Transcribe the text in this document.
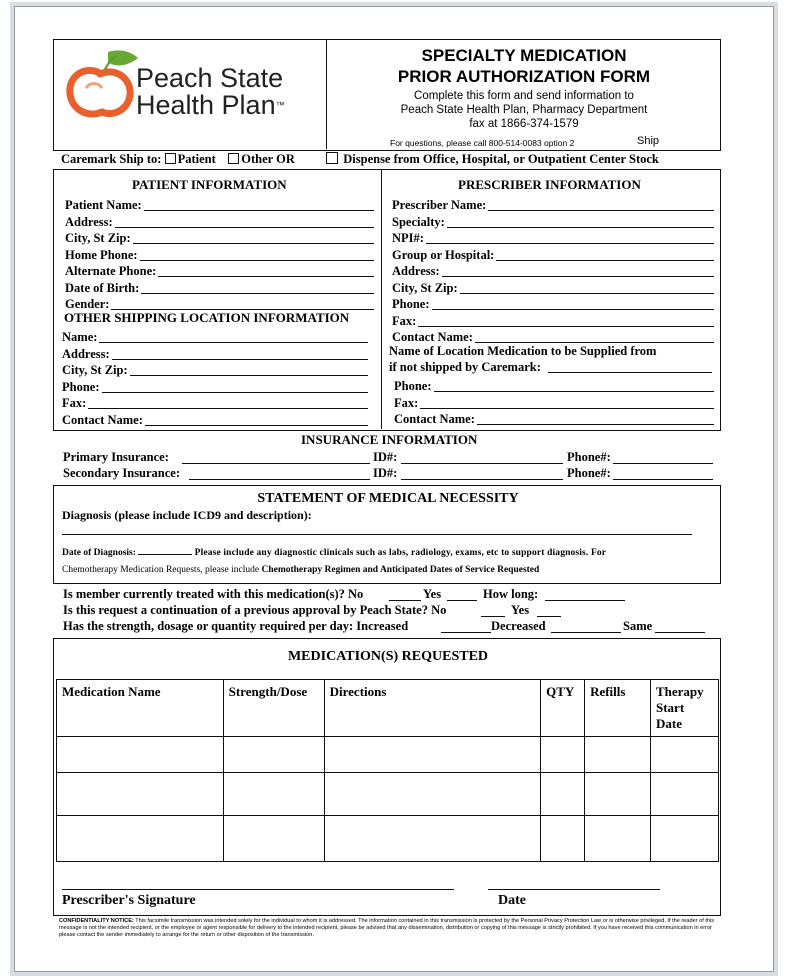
Peach State
Health Plan™
SPECIALTY MEDICATION
PRIOR AUTHORIZATION FORM
Complete this form and send information to
Peach State Health Plan, Pharmacy Department
fax at 1866-374-1579
For questions, please call 800-514-0083 option 2	Ship
Caremark Ship to: Patient Other OR	Dispense from Office, Hospital, or Outpatient Center Stock
PATIENT INFORMATION
Patient Name:
Address:
City, St Zip:
Home Phone:
Alternate Phone:
Date of Birth:
Gender:
OTHER SHIPPING LOCATION INFORMATION
Name:
Address:
City, St Zip:
Phone:
Fax:
Contact Name:
PRESCRIBER INFORMATION
Prescriber Name:
Specialty:
NPI#:
Group or Hospital:
Address:
City, St Zip:
Phone:
Fax:
Contact Name:
Name of Location Medication to be Supplied from
if not shipped by Caremark:
Phone:
Fax:
Contact Name:
INSURANCE INFORMATION
Primary Insurance:	ID#:	Phone#:
Secondary Insurance:	ID#:	Phone#:
STATEMENT OF MEDICAL NECESSITY
Diagnosis (please include ICD9 and description):
Date of Diagnosis:	Please include any diagnostic clinicals such as labs, radiology, exams, etc to support diagnosis. For
Chemotherapy Medication Requests, please include Chemotherapy Regimen and Anticipated Dates of Service Requested
Is member currently treated with this medication(s)? No	Yes	How long:
Is this request a continuation of a previous approval by Peach State? No	Yes
Has the strength, dosage or quantity required per day: Increased	Decreased	Same
MEDICATION(S) REQUESTED
Medication Name	Strength/Dose	Directions	QTY	Refills	Therapy Start Date

Prescriber's Signature	Date
CONFIDENTIALITY NOTICE: This facsimile transmission was intended solely for the individual to whom it is addressed. The information contained in this transmission is protected by the Personal Privacy Protection Law or is otherwise privileged. If the reader of this message is not the intended recipient, or the employee or agent responsible for delivery to the intended recipient, please be advised that any dissemination, distribution or copying of this message is strictly prohibited. If you have received this communication in error please contact the sender immediately to arrange for the return or other disposition of the transmission.
